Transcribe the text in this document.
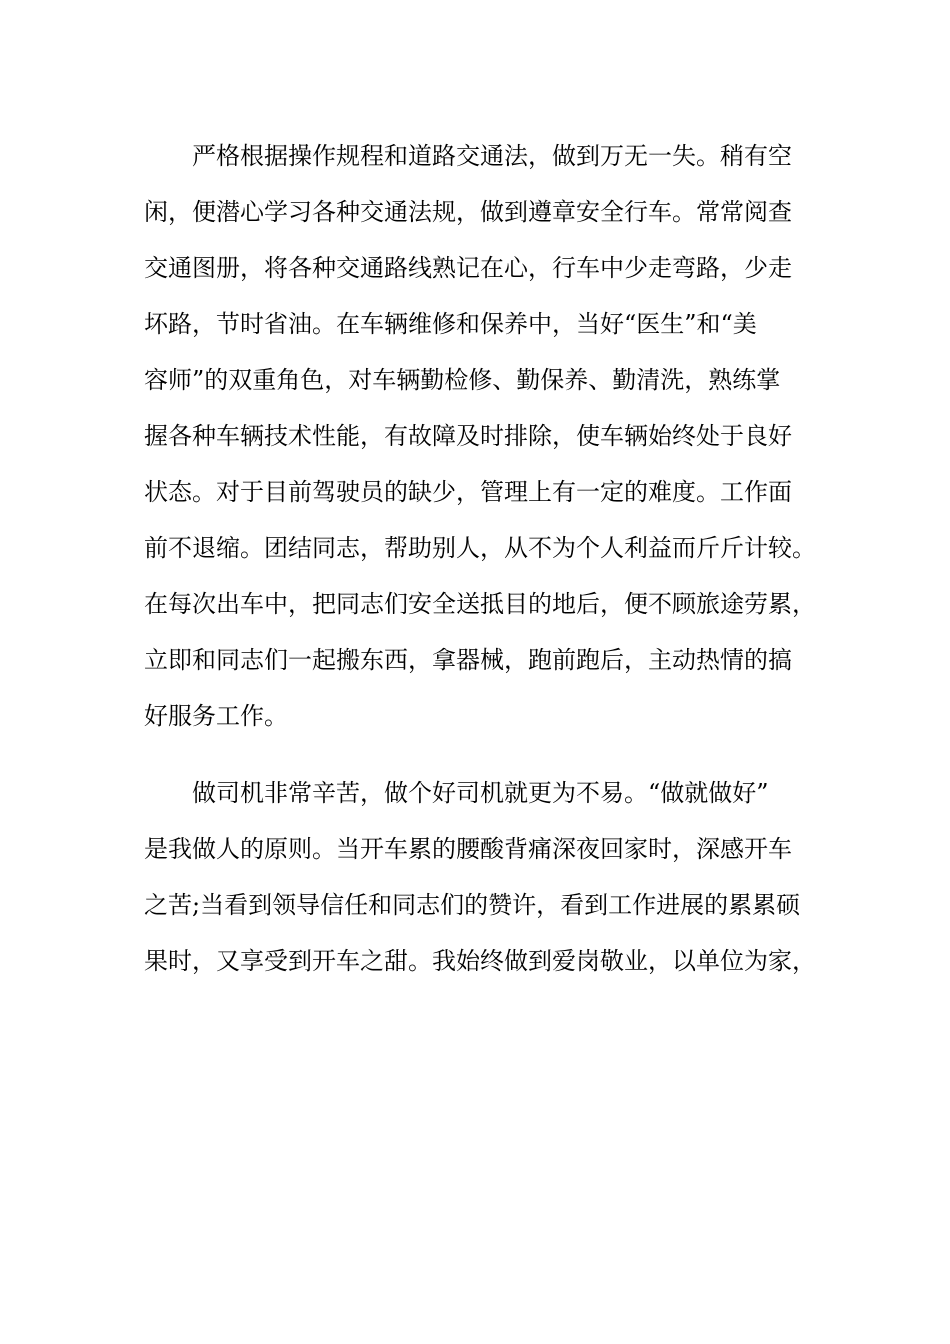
严格根据操作规程和道路交通法，做到万无一失。稍有空
闲，便潜心学习各种交通法规，做到遵章安全行车。常常阅查
交通图册，将各种交通路线熟记在心，行车中少走弯路，少走
坏路，节时省油。在车辆维修和保养中，当好“医生”和“美
容师”的双重角色，对车辆勤检修、勤保养、勤清洗，熟练掌
握各种车辆技术性能，有故障及时排除，使车辆始终处于良好
状态。对于目前驾驶员的缺少，管理上有一定的难度。工作面
前不退缩。团结同志，帮助别人，从不为个人利益而斤斤计较。
在每次出车中，把同志们安全送抵目的地后，便不顾旅途劳累，
立即和同志们一起搬东西，拿器械，跑前跑后，主动热情的搞
好服务工作。
做司机非常辛苦，做个好司机就更为不易。“做就做好”
是我做人的原则。当开车累的腰酸背痛深夜回家时，深感开车
之苦;当看到领导信任和同志们的赞许，看到工作进展的累累硕
果时，又享受到开车之甜。我始终做到爱岗敬业，以单位为家，
